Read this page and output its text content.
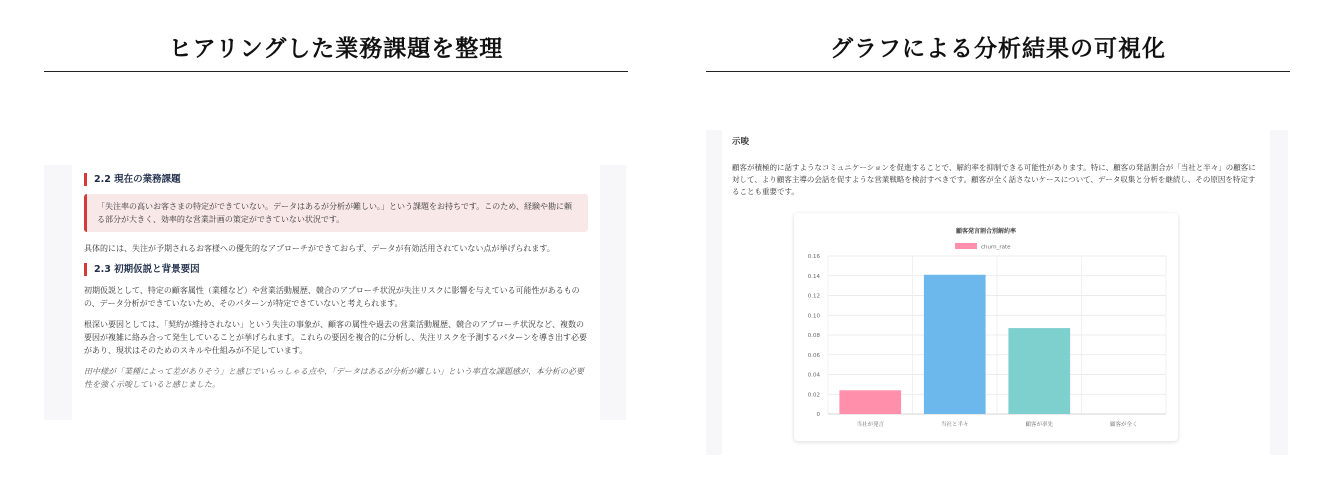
ヒアリングした業務課題を整理	グラフによる分析結果の可視化
2.2 現在の業務課題
「失注率の高いお客さまの特定ができていない。データはあるが分析が難しい。」という課題をお持ちです。このため、経験や勘に頼る部分が大きく、効率的な営業計画の策定ができていない状況です。
具体的には、失注が予期されるお客様への優先的なアプローチができておらず、データが有効活用されていない点が挙げられます。
2.3 初期仮説と背景要因
初期仮説として、特定の顧客属性（業種など）や営業活動履歴、競合のアプローチ状況が失注リスクに影響を与えている可能性があるものの、データ分析ができていないため、そのパターンが特定できていないと考えられます。
根深い要因としては、「契約が維持されない」という失注の事象が、顧客の属性や過去の営業活動履歴、競合のアプローチ状況など、複数の要因が複雑に絡み合って発生していることが挙げられます。これらの要因を複合的に分析し、失注リスクを予測するパターンを導き出す必要があり、現状はそのためのスキルや仕組みが不足しています。
田中様が「業種によって差がありそう」と感じでいらっしゃる点や、「データはあるが分析が難しい」という率直な課題感が、本分析の必要性を強く示唆していると感じました。
示唆
顧客が積極的に話すようなコミュニケーションを促進することで、解約率を抑制できる可能性があります。特に、顧客の発話割合が「当社と半々」の顧客に対して、より顧客主導の会話を促すような営業戦略を検討すべきです。顧客が全く話さないケースについて、データ収集と分析を継続し、その原因を特定することも重要です。
顧客発言割合別解約率
churn_rate
0
0.02
0.04
0.06
0.08
0.10
0.12
0.14
0.16
当社が発言	当社と半々	顧客が率先	顧客が全く
